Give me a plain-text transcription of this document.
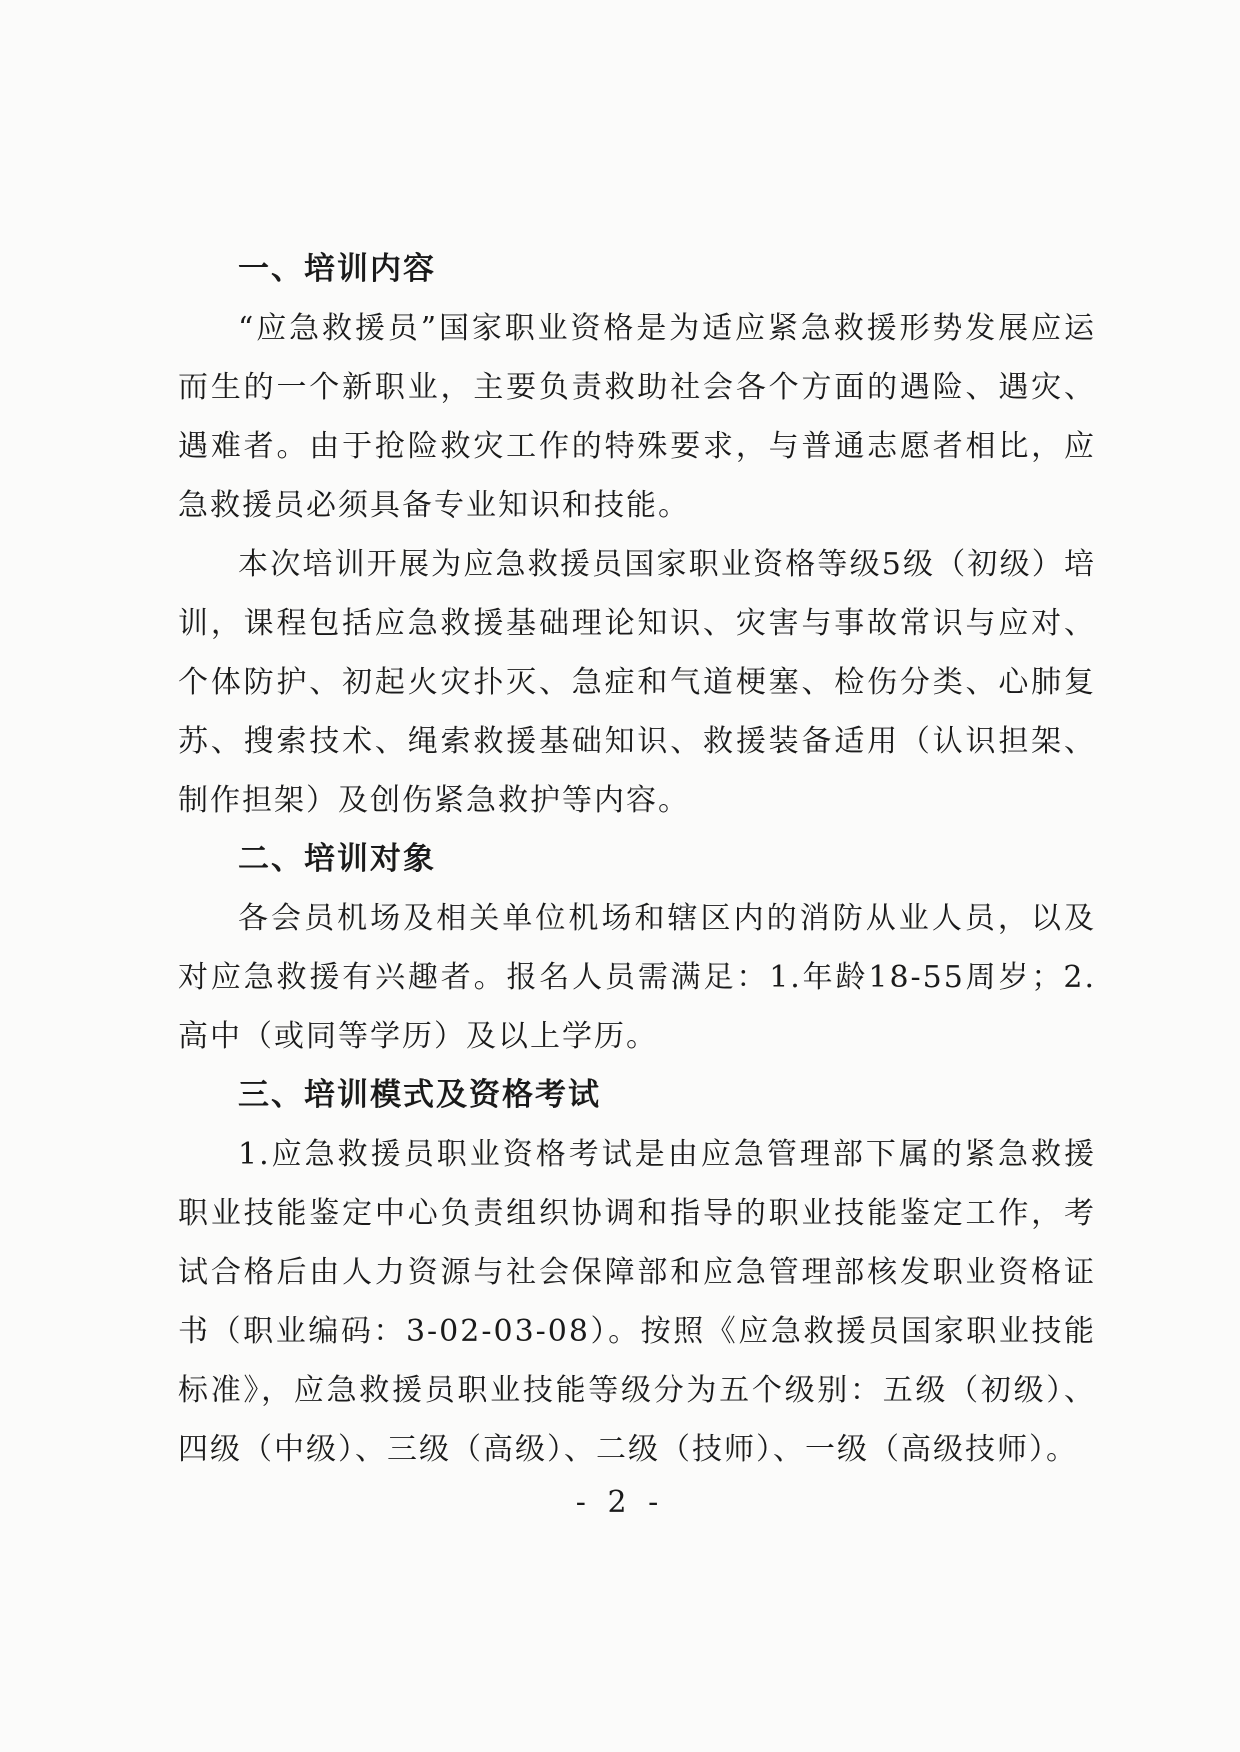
一、培训内容

“应急救援员”国家职业资格是为适应紧急救援形势发展应运而生的一个新职业，主要负责救助社会各个方面的遇险、遇灾、遇难者。由于抢险救灾工作的特殊要求，与普通志愿者相比，应急救援员必须具备专业知识和技能。

本次培训开展为应急救援员国家职业资格等级5级（初级）培训，课程包括应急救援基础理论知识、灾害与事故常识与应对、个体防护、初起火灾扑灭、急症和气道梗塞、检伤分类、心肺复苏、搜索技术、绳索救援基础知识、救援装备适用（认识担架、制作担架）及创伤紧急救护等内容。

二、培训对象

各会员机场及相关单位机场和辖区内的消防从业人员，以及对应急救援有兴趣者。报名人员需满足：1.年龄18-55周岁；2.高中（或同等学历）及以上学历。

三、培训模式及资格考试

1.应急救援员职业资格考试是由应急管理部下属的紧急救援职业技能鉴定中心负责组织协调和指导的职业技能鉴定工作，考试合格后由人力资源与社会保障部和应急管理部核发职业资格证书（职业编码：3-02-03-08）。按照《应急救援员国家职业技能标准》，应急救援员职业技能等级分为五个级别：五级（初级）、四级（中级）、三级（高级）、二级（技师）、一级（高级技师）。

- 2 -
